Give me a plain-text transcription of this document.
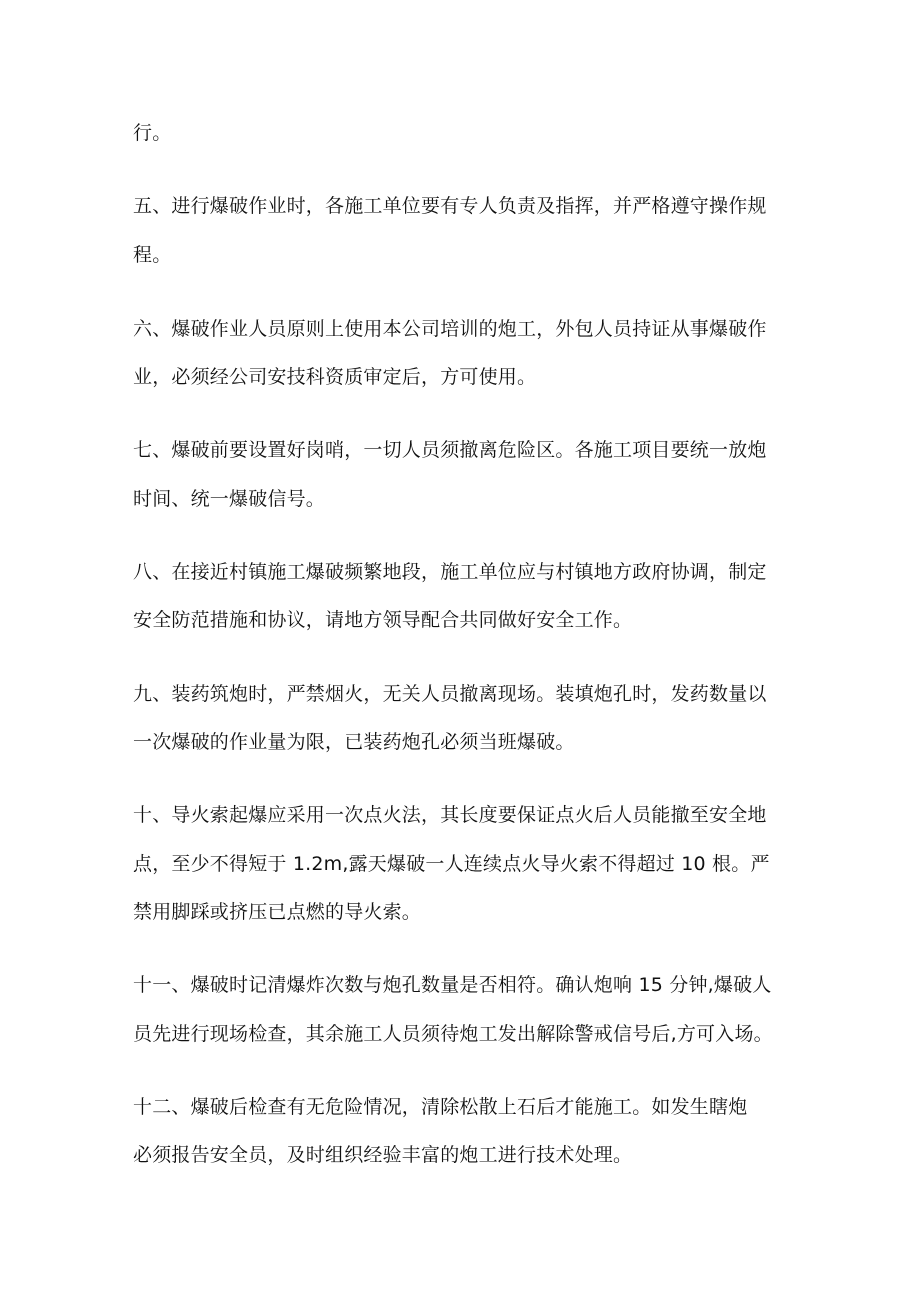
行。
五、进行爆破作业时，各施工单位要有专人负责及指挥，并严格遵守操作规
程。
六、爆破作业人员原则上使用本公司培训的炮工，外包人员持证从事爆破作
业，必须经公司安技科资质审定后，方可使用。
七、爆破前要设置好岗哨，一切人员须撤离危险区。各施工项目要统一放炮
时间、统一爆破信号。
八、在接近村镇施工爆破频繁地段，施工单位应与村镇地方政府协调，制定
安全防范措施和协议，请地方领导配合共同做好安全工作。
九、装药筑炮时，严禁烟火，无关人员撤离现场。装填炮孔时，发药数量以
一次爆破的作业量为限，已装药炮孔必须当班爆破。
十、导火索起爆应采用一次点火法，其长度要保证点火后人员能撤至安全地
点，至少不得短于 1.2m,露天爆破一人连续点火导火索不得超过 10 根。严
禁用脚踩或挤压已点燃的导火索。
十一、爆破时记清爆炸次数与炮孔数量是否相符。确认炮响 15 分钟,爆破人
员先进行现场检查，其余施工人员须待炮工发出解除警戒信号后,方可入场。
十二、爆破后检查有无危险情况，清除松散上石后才能施工。如发生瞎炮
必须报告安全员，及时组织经验丰富的炮工进行技术处理。
